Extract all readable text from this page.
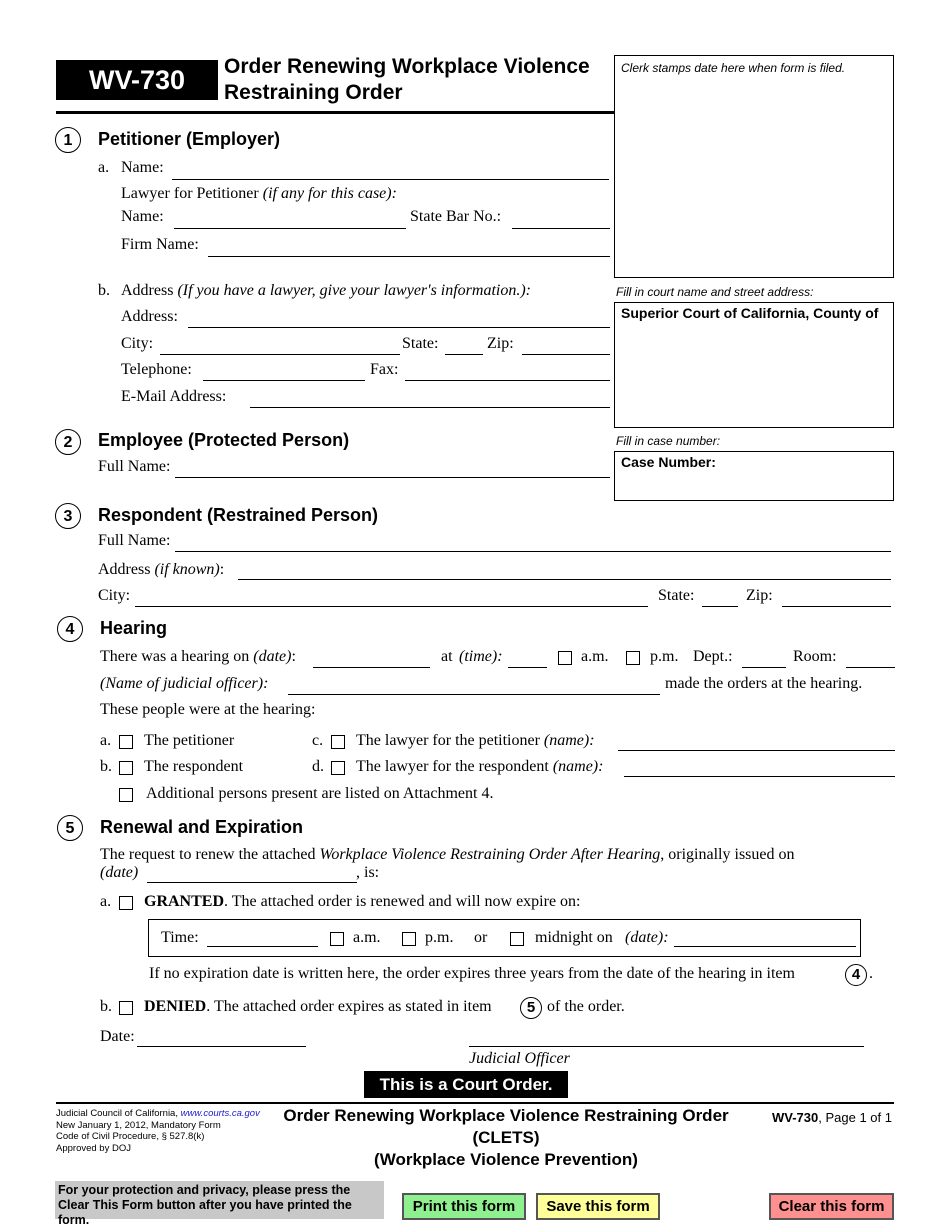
WV-730	Order Renewing Workplace Violence
Restraining Order
Clerk stamps date here when form is filed.
Fill in court name and street address:
Superior Court of California, County of
Fill in case number:
Case Number:
1	Petitioner (Employer)
a. Name:
Lawyer for Petitioner (if any for this case):
Name:	State Bar No.:
Firm Name:
b. Address (If you have a lawyer, give your lawyer's information.):
Address:
City:	State:	Zip:
Telephone:	Fax:
E-Mail Address:
2	Employee (Protected Person)
Full Name:
3	Respondent (Restrained Person)
Full Name:
Address (if known):
City:	State:	Zip:
4	Hearing
There was a hearing on (date):	at (time):	a.m.	p.m. Dept.:	Room:
(Name of judicial officer):	made the orders at the hearing.
These people were at the hearing:
a. The petitioner	c. The lawyer for the petitioner (name):
b. The respondent	d. The lawyer for the respondent (name):
Additional persons present are listed on Attachment 4.
5	Renewal and Expiration
The request to renew the attached Workplace Violence Restraining Order After Hearing, originally issued on
(date)	, is:
a. GRANTED. The attached order is renewed and will now expire on:
Time:	a.m.	p.m. or	midnight on (date):
If no expiration date is written here, the order expires three years from the date of the hearing in item	4 .
b. DENIED. The attached order expires as stated in item	5 of the order.
Date:
Judicial Officer
This is a Court Order.
Judicial Council of California, www.courts.ca.gov
New January 1, 2012, Mandatory Form
Code of Civil Procedure, § 527.8(k)
Approved by DOJ
Order Renewing Workplace Violence Restraining Order
(CLETS)
(Workplace Violence Prevention)
WV-730, Page 1 of 1
For your protection and privacy, please press the Clear This Form button after you have printed the form.
Print this form	Save this form	Clear this form
